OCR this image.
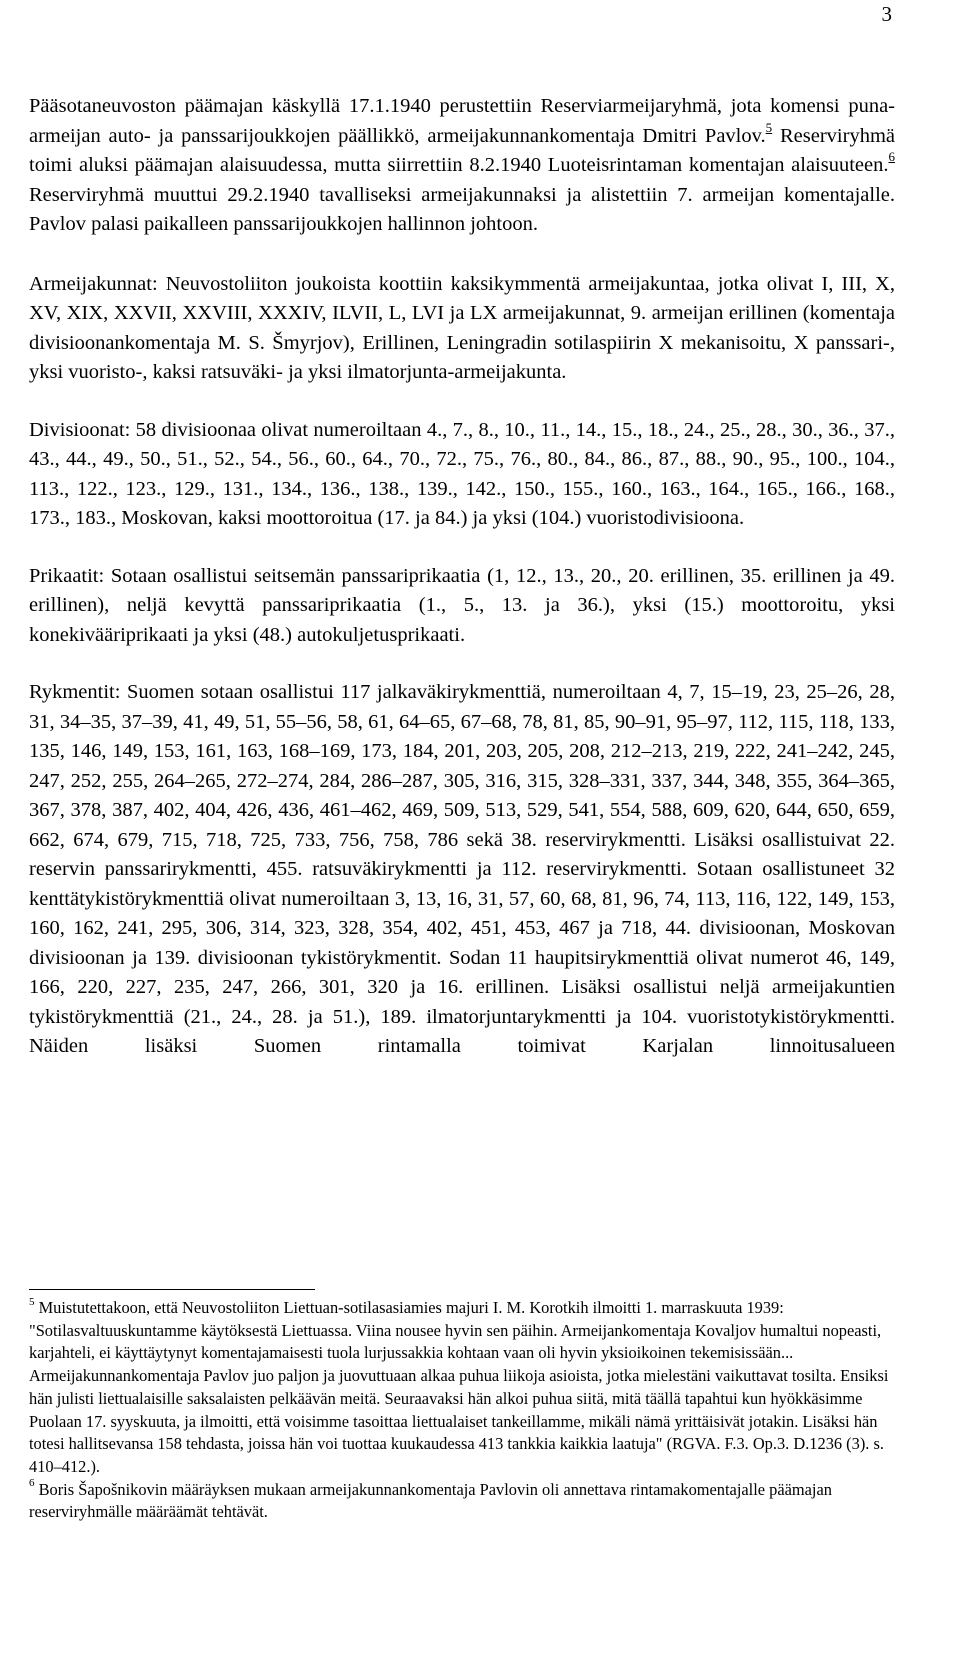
3

Pääsotaneuvoston päämajan käskyllä 17.1.1940 perustettiin Reserviarmeijaryhmä, jota komensi puna-armeijan auto- ja panssarijoukkojen päällikkö, armeijakunnankomentaja Dmitri Pavlov.$^5$ Reserviryhmä toimi aluksi päämajan alaisuudessa, mutta siirrettiin 8.2.1940 Luoteisrintaman komentajan alaisuuteen.$^6$ Reserviryhmä muuttui 29.2.1940 tavalliseksi armeijakunnaksi ja alistettiin 7. armeijan komentajalle. Pavlov palasi paikalleen panssarijoukkojen hallinnon johtoon.

Armeijakunnat: Neuvostoliiton joukoista koottiin kaksikymmentä armeijakuntaa, jotka olivat I, III, X, XV, XIX, XXVII, XXVIII, XXXIV, ILVII, L, LVI ja LX armeijakunnat, 9. armeijan erillinen (komentaja divisioonankomentaja M. S. Šmyrjov), Erillinen, Leningradin sotilaspiirin X mekanisoitu, X panssari-, yksi vuoristo-, kaksi ratsuväki- ja yksi ilmatorjunta-armeijakunta.

Divisioonat: 58 divisioonaa olivat numeroiltaan 4., 7., 8., 10., 11., 14., 15., 18., 24., 25., 28., 30., 36., 37., 43., 44., 49., 50., 51., 52., 54., 56., 60., 64., 70., 72., 75., 76., 80., 84., 86., 87., 88., 90., 95., 100., 104., 113., 122., 123., 129., 131., 134., 136., 138., 139., 142., 150., 155., 160., 163., 164., 165., 166., 168., 173., 183., Moskovan, kaksi moottoroitua (17. ja 84.) ja yksi (104.) vuoristodivisioona.

Prikaatit: Sotaan osallistui seitsemän panssariprikaatia (1, 12., 13., 20., 20. erillinen, 35. erillinen ja 49. erillinen), neljä kevyttä panssariprikaatia (1., 5., 13. ja 36.), yksi (15.) moottoroitu, yksi konekivääriprikaati ja yksi (48.) autokuljetusprikaati.

Rykmentit: Suomen sotaan osallistui 117 jalkaväkirykmenttiä, numeroiltaan 4, 7, 15–19, 23, 25–26, 28, 31, 34–35, 37–39, 41, 49, 51, 55–56, 58, 61, 64–65, 67–68, 78, 81, 85, 90–91, 95–97, 112, 115, 118, 133, 135, 146, 149, 153, 161, 163, 168–169, 173, 184, 201, 203, 205, 208, 212–213, 219, 222, 241–242, 245, 247, 252, 255, 264–265, 272–274, 284, 286–287, 305, 316, 315, 328–331, 337, 344, 348, 355, 364–365, 367, 378, 387, 402, 404, 426, 436, 461–462, 469, 509, 513, 529, 541, 554, 588, 609, 620, 644, 650, 659, 662, 674, 679, 715, 718, 725, 733, 756, 758, 786 sekä 38. reservirykmentti. Lisäksi osallistuivat 22. reservin panssarirykmentti, 455. ratsuväkirykmentti ja 112. reservirykmentti. Sotaan osallistuneet 32 kenttätykistörykmenttiä olivat numeroiltaan 3, 13, 16, 31, 57, 60, 68, 81, 96, 74, 113, 116, 122, 149, 153, 160, 162, 241, 295, 306, 314, 323, 328, 354, 402, 451, 453, 467 ja 718, 44. divisioonan, Moskovan divisioonan ja 139. divisioonan tykistörykmentit. Sodan 11 haupitsirykmenttiä olivat numerot 46, 149, 166, 220, 227, 235, 247, 266, 301, 320 ja 16. erillinen. Lisäksi osallistui neljä armeijakuntien tykistörykmenttiä (21., 24., 28. ja 51.), 189. ilmatorjuntarykmentti ja 104. vuoristotykistörykmentti. Näiden lisäksi Suomen rintamalla toimivat Karjalan linnoitusalueen

$^5$ Muistutettakoon, että Neuvostoliiton Liettuan-sotilasasiamies majuri I. M. Korotkih ilmoitti 1. marraskuuta 1939: "Sotilasvaltuuskuntamme käytöksestä Liettuassa. Viina nousee hyvin sen päihin. Armeijankomentaja Kovaljov humaltui nopeasti, karjahteli, ei käyttäytynyt komentajamaisesti tuola lurjussakkia kohtaan vaan oli hyvin yksioikoinen tekemisissään... Armeijakunnankomentaja Pavlov juo paljon ja juovuttuaan alkaa puhua liikoja asioista, jotka mielestäni vaikuttavat tosilta. Ensiksi hän julisti liettualaisille saksalaisten pelkäävän meitä. Seuraavaksi hän alkoi puhua siitä, mitä täällä tapahtui kun hyökkäsimme Puolaan 17. syyskuuta, ja ilmoitti, että voisimme tasoittaa liettualaiset tankeillamme, mikäli nämä yrittäisivät jotakin. Lisäksi hän totesi hallitsevansa 158 tehdasta, joissa hän voi tuottaa kuukaudessa 413 tankkia kaikkia laatuja" (RGVA. F.3. Op.3. D.1236 (3). s. 410–412.).

$^6$ Boris Šapošnikovin määräyksen mukaan armeijakunnankomentaja Pavlovin oli annettava rintamakomentajalle päämajan reserviryhmälle määräämät tehtävät.
